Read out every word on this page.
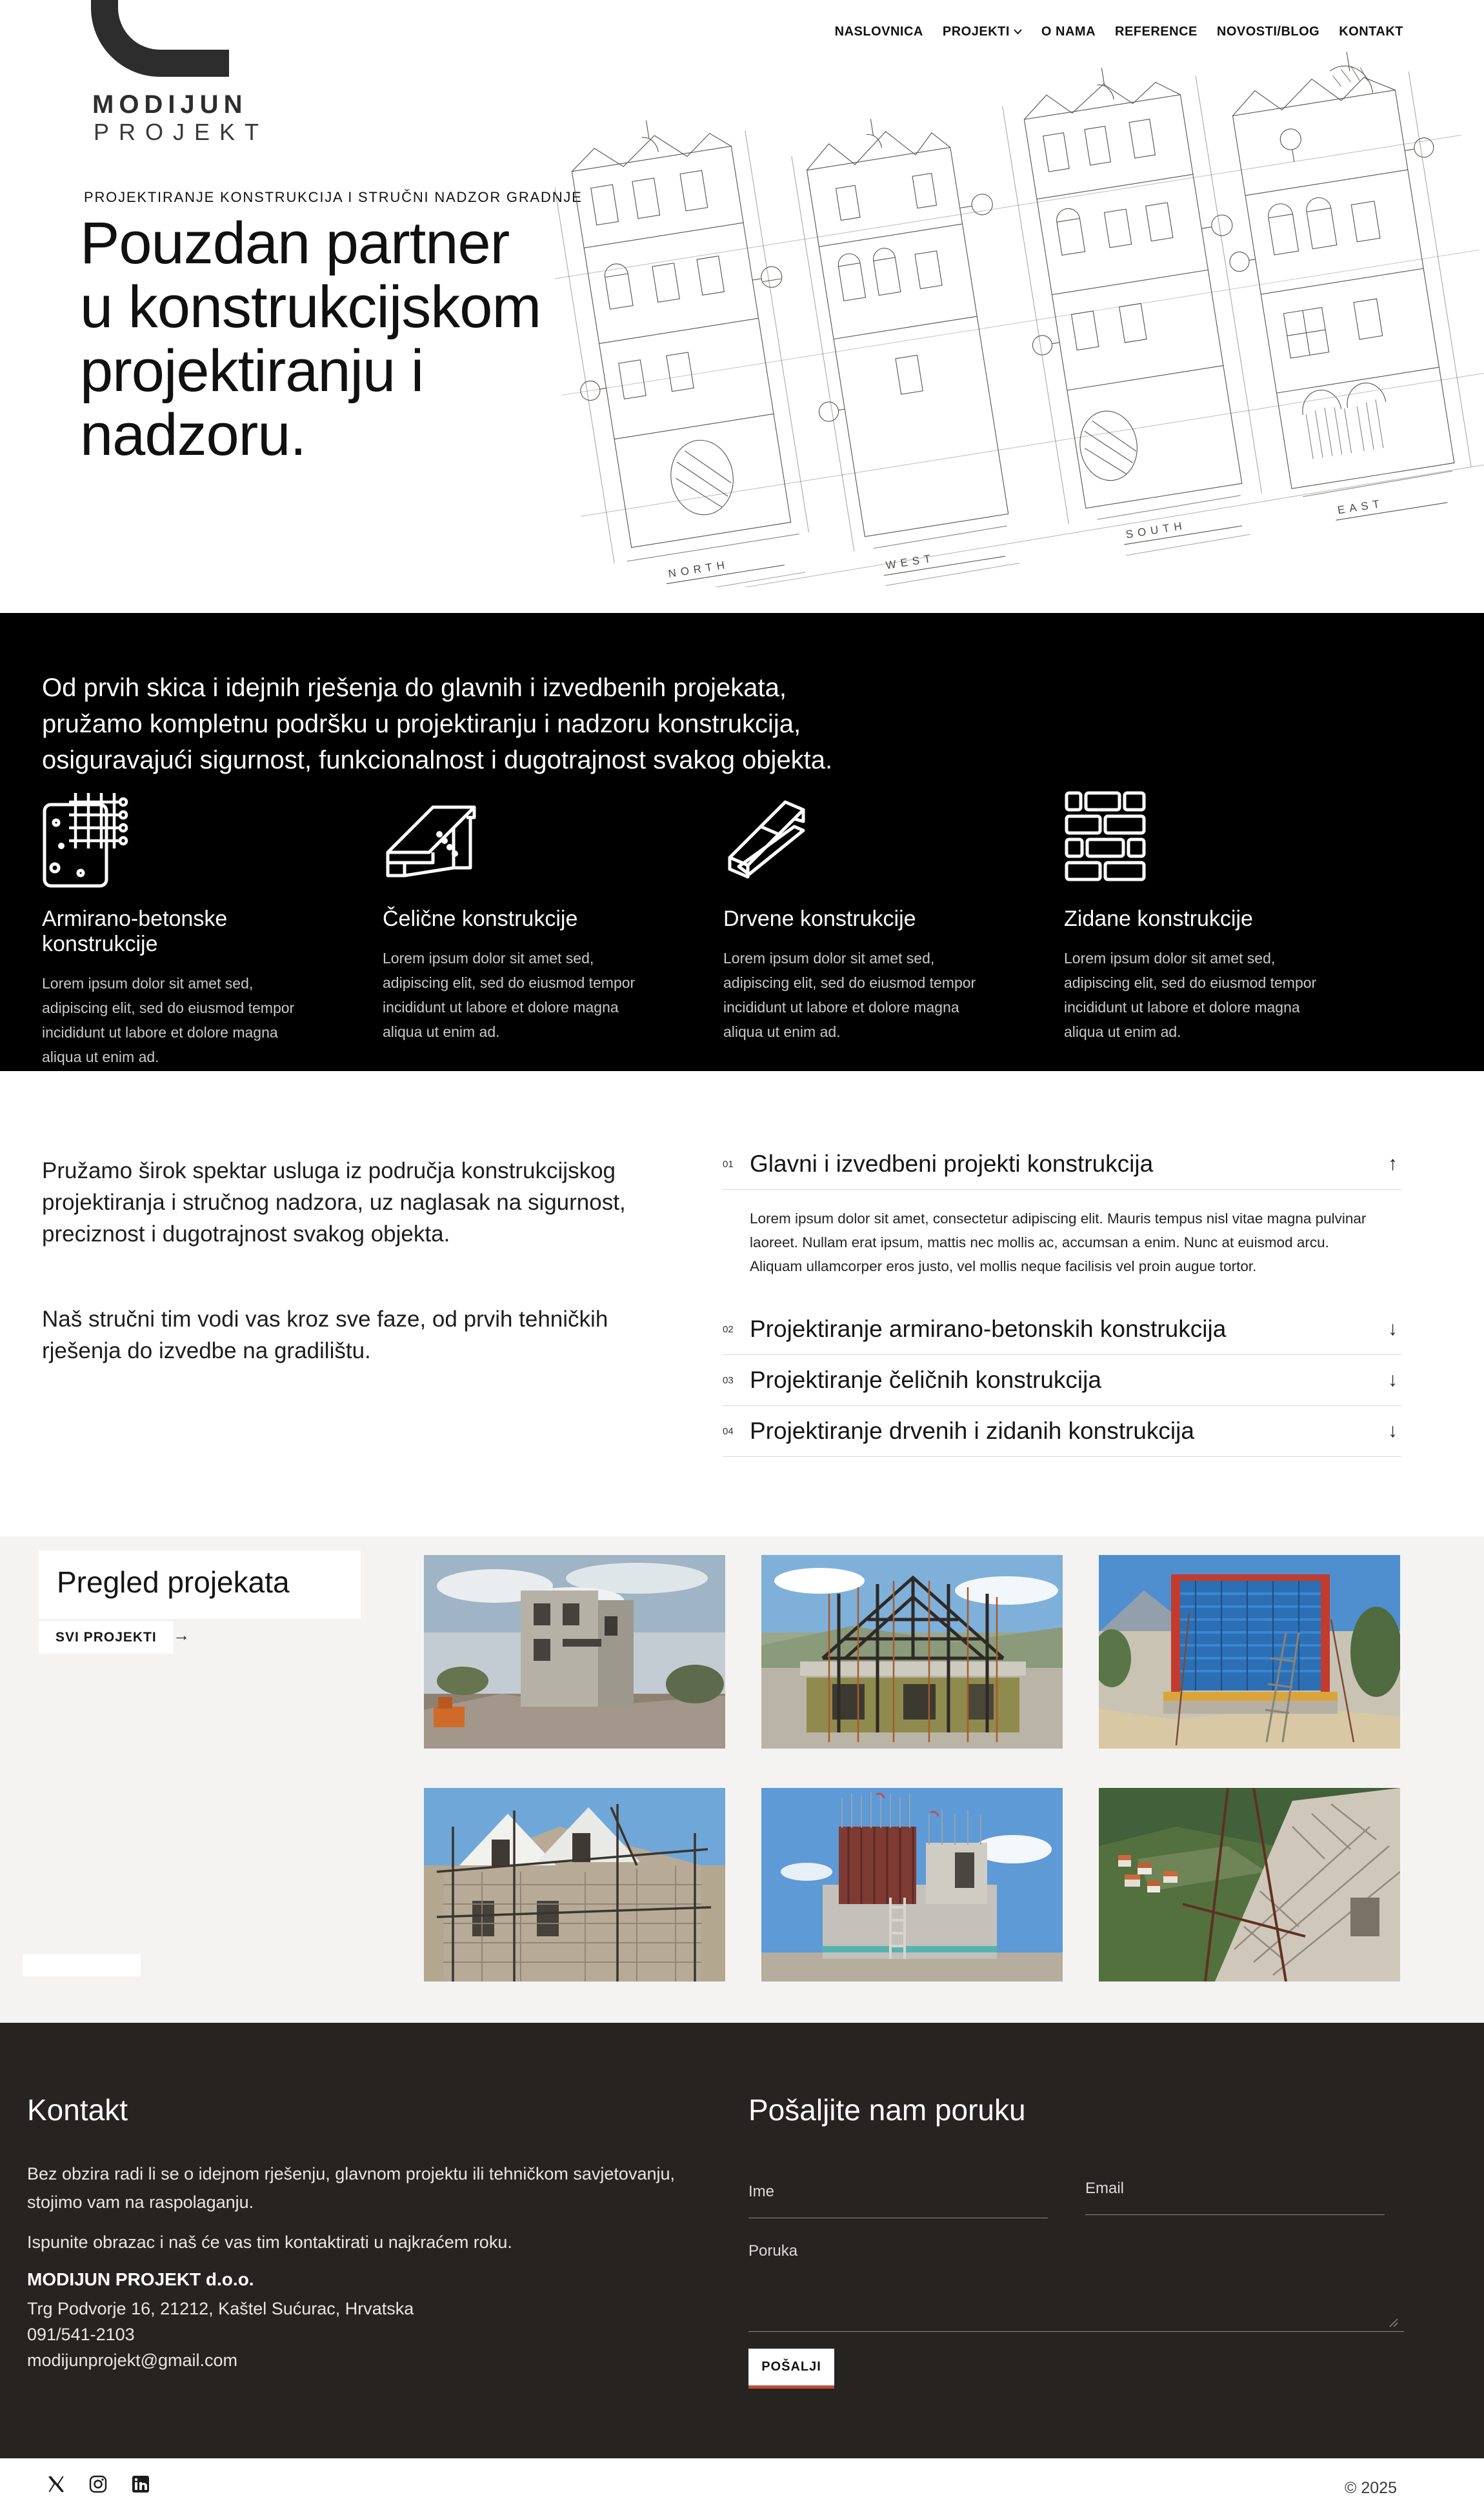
MODIJUN
PROJEKT
NASLOVNICA PROJEKTI O NAMA REFERENCE NOVOSTI/BLOG KONTAKT
PROJEKTIRANJE KONSTRUKCIJA I STRUČNI NADZOR GRADNJE
Pouzdan partner
u konstrukcijskom
projektiranju i
nadzoru.
NORTH	WEST
SOUTH
EAST

Od prvih skica i idejnih rješenja do glavnih i izvedbenih projekata, pružamo kompletnu podršku u projektiranju i nadzoru konstrukcija, osiguravajući sigurnost, funkcionalnost i dugotrajnost svakog objekta.

Armirano-betonske konstrukcije

Lorem ipsum dolor sit amet sed, adipiscing elit, sed do eiusmod tempor incididunt ut labore et dolore magna aliqua ut enim ad.

Čelične konstrukcije

Lorem ipsum dolor sit amet sed, adipiscing elit, sed do eiusmod tempor incididunt ut labore et dolore magna aliqua ut enim ad.

Drvene konstrukcije

Lorem ipsum dolor sit amet sed, adipiscing elit, sed do eiusmod tempor incididunt ut labore et dolore magna aliqua ut enim ad.

Zidane konstrukcije

Lorem ipsum dolor sit amet sed, adipiscing elit, sed do eiusmod tempor incididunt ut labore et dolore magna aliqua ut enim ad.

Pružamo širok spektar usluga iz područja konstrukcijskog projektiranja i stručnog nadzora, uz naglasak na sigurnost, preciznost i dugotrajnost svakog objekta.

Naš stručni tim vodi vas kroz sve faze, od prvih tehničkih rješenja do izvedbe na gradilištu.

01 Glavni i izvedbeni projekti konstrukcija	↑
Lorem ipsum dolor sit amet, consectetur adipiscing elit. Mauris tempus nisl vitae magna pulvinar laoreet. Nullam erat ipsum, mattis nec mollis ac, accumsan a enim. Nunc at euismod arcu. Aliquam ullamcorper eros justo, vel mollis neque facilisis vel proin augue tortor.
02 Projektiranje armirano-betonskih konstrukcija	↓
03 Projektiranje čeličnih konstrukcija	↓
04 Projektiranje drvenih i zidanih konstrukcija	↓
Pregled projekata
SVI PROJEKTI →
Kontakt

Bez obzira radi li se o idejnom rješenju, glavnom projektu ili tehničkom savjetovanju, stojimo vam na raspolaganju.

Ispunite obrazac i naš će vas tim kontaktirati u najkraćem roku.

MODIJUN PROJEKT d.o.o.
Trg Podvorje 16, 21212, Kaštel Sućurac, Hrvatska
091/541-2103
modijunprojekt@gmail.com
Pošaljite nam poruku
Ime	Email
Poruka
POŠALJI
© 2025
